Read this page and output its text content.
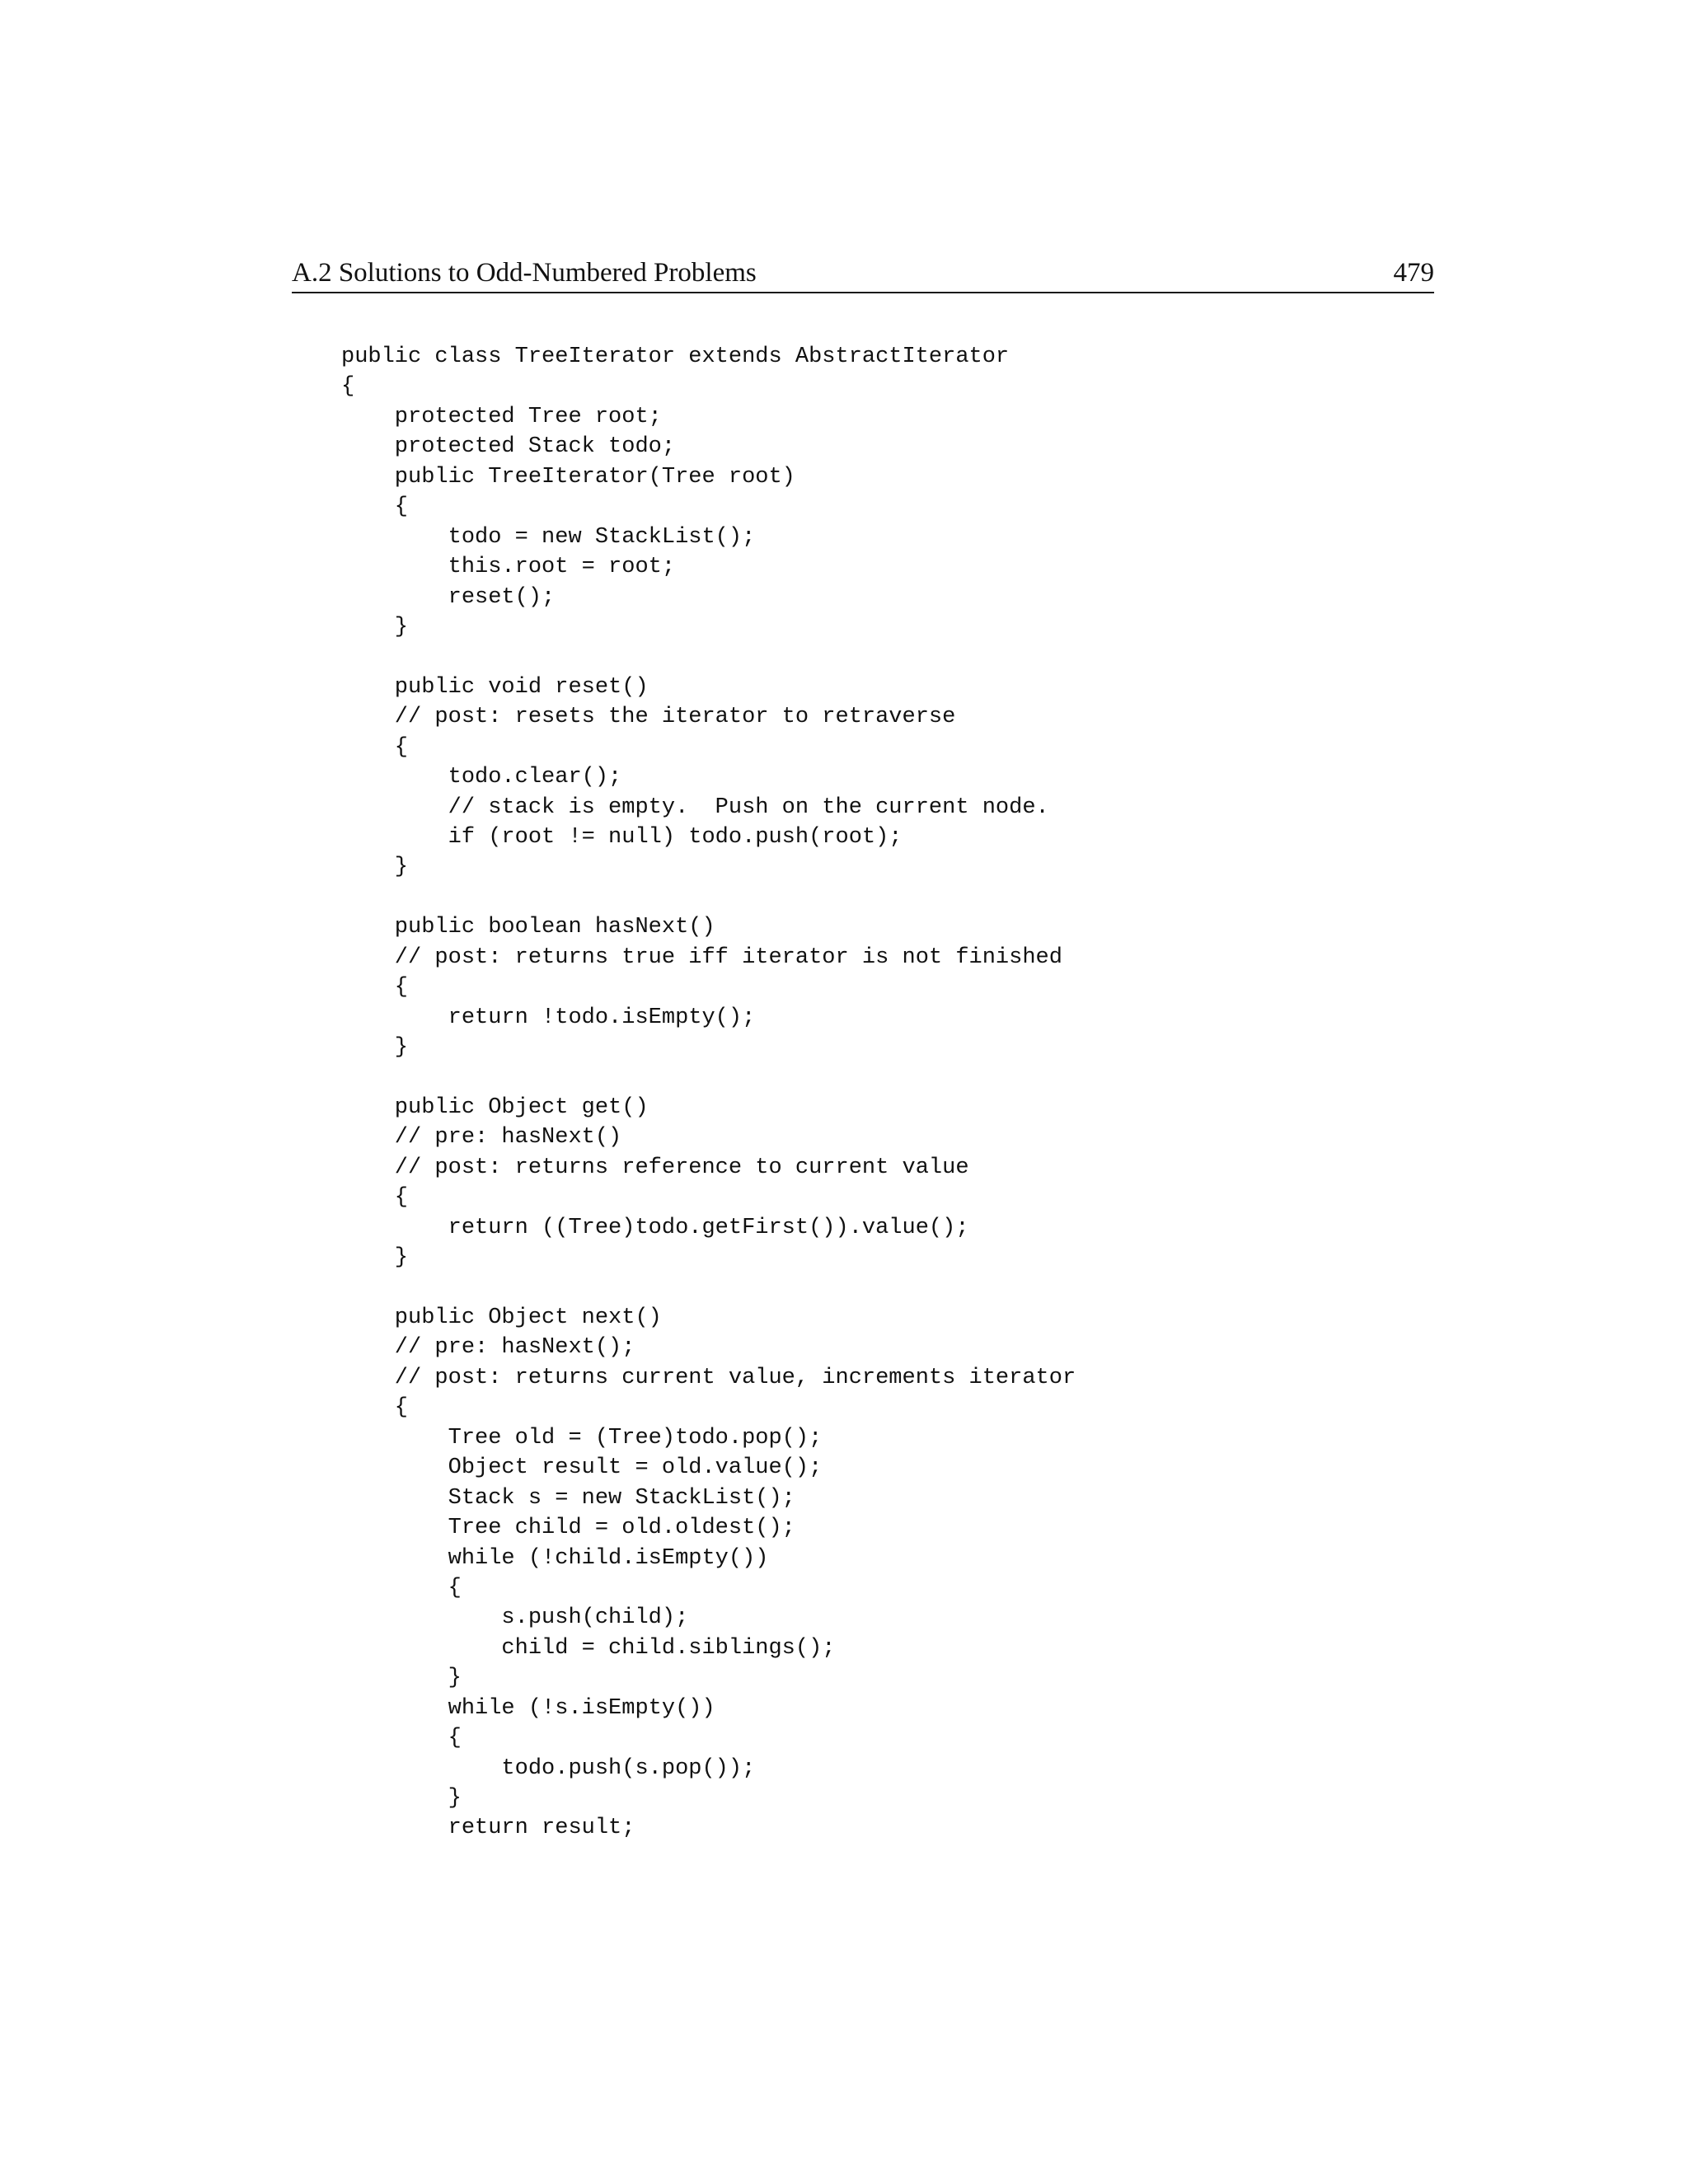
A.2 Solutions to Odd-Numbered Problems	479
public class TreeIterator extends AbstractIterator
{
protected Tree root;
protected Stack todo;
public TreeIterator(Tree root)
{
todo = new StackList();
this.root = root;
reset();
}
public void reset()
// post: resets the iterator to retraverse
{
todo.clear();
// stack is empty.  Push on the current node.
if (root != null) todo.push(root);
}
public boolean hasNext()
// post: returns true iff iterator is not finished
{
return !todo.isEmpty();
}
public Object get()
// pre: hasNext()
// post: returns reference to current value
{
return ((Tree)todo.getFirst()).value();
}
public Object next()
// pre: hasNext();
// post: returns current value, increments iterator
{
Tree old = (Tree)todo.pop();
Object result = old.value();
Stack s = new StackList();
Tree child = old.oldest();
while (!child.isEmpty())
{
s.push(child);
child = child.siblings();
}
while (!s.isEmpty())
{
todo.push(s.pop());
}
return result;
